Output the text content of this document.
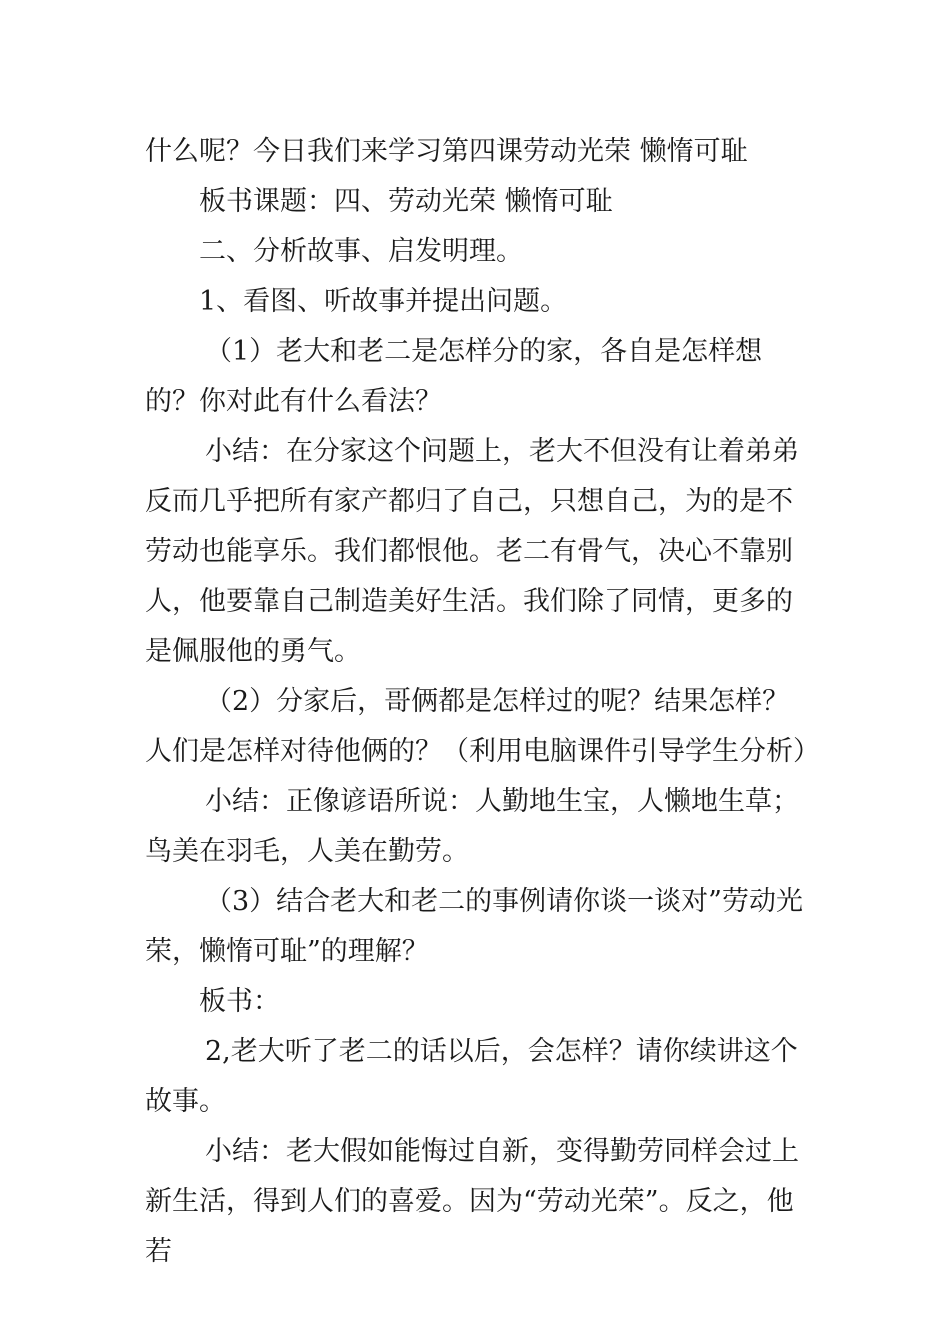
什么呢？今日我们来学习第四课劳动光荣 懒惰可耻

板书课题：四、劳动光荣 懒惰可耻

二、分析故事、启发明理。

1、看图、听故事并提出问题。

（1）老大和老二是怎样分的家，各自是怎样想的？你对此有什么看法？

小结：在分家这个问题上，老大不但没有让着弟弟反而几乎把所有家产都归了自己，只想自己，为的是不劳动也能享乐。我们都恨他。老二有骨气，决心不靠别人，他要靠自己制造美好生活。我们除了同情，更多的是佩服他的勇气。

（2）分家后，哥俩都是怎样过的呢？结果怎样？人们是怎样对待他俩的？（利用电脑课件引导学生分析）

小结：正像谚语所说：人勤地生宝，人懒地生草；鸟美在羽毛，人美在勤劳。

（3）结合老大和老二的事例请你谈一谈对”劳动光荣，懒惰可耻”的理解？

板书：

2,老大听了老二的话以后，会怎样？请你续讲这个故事。

小结：老大假如能悔过自新，变得勤劳同样会过上新生活，得到人们的喜爱。因为“劳动光荣”。反之，他若
